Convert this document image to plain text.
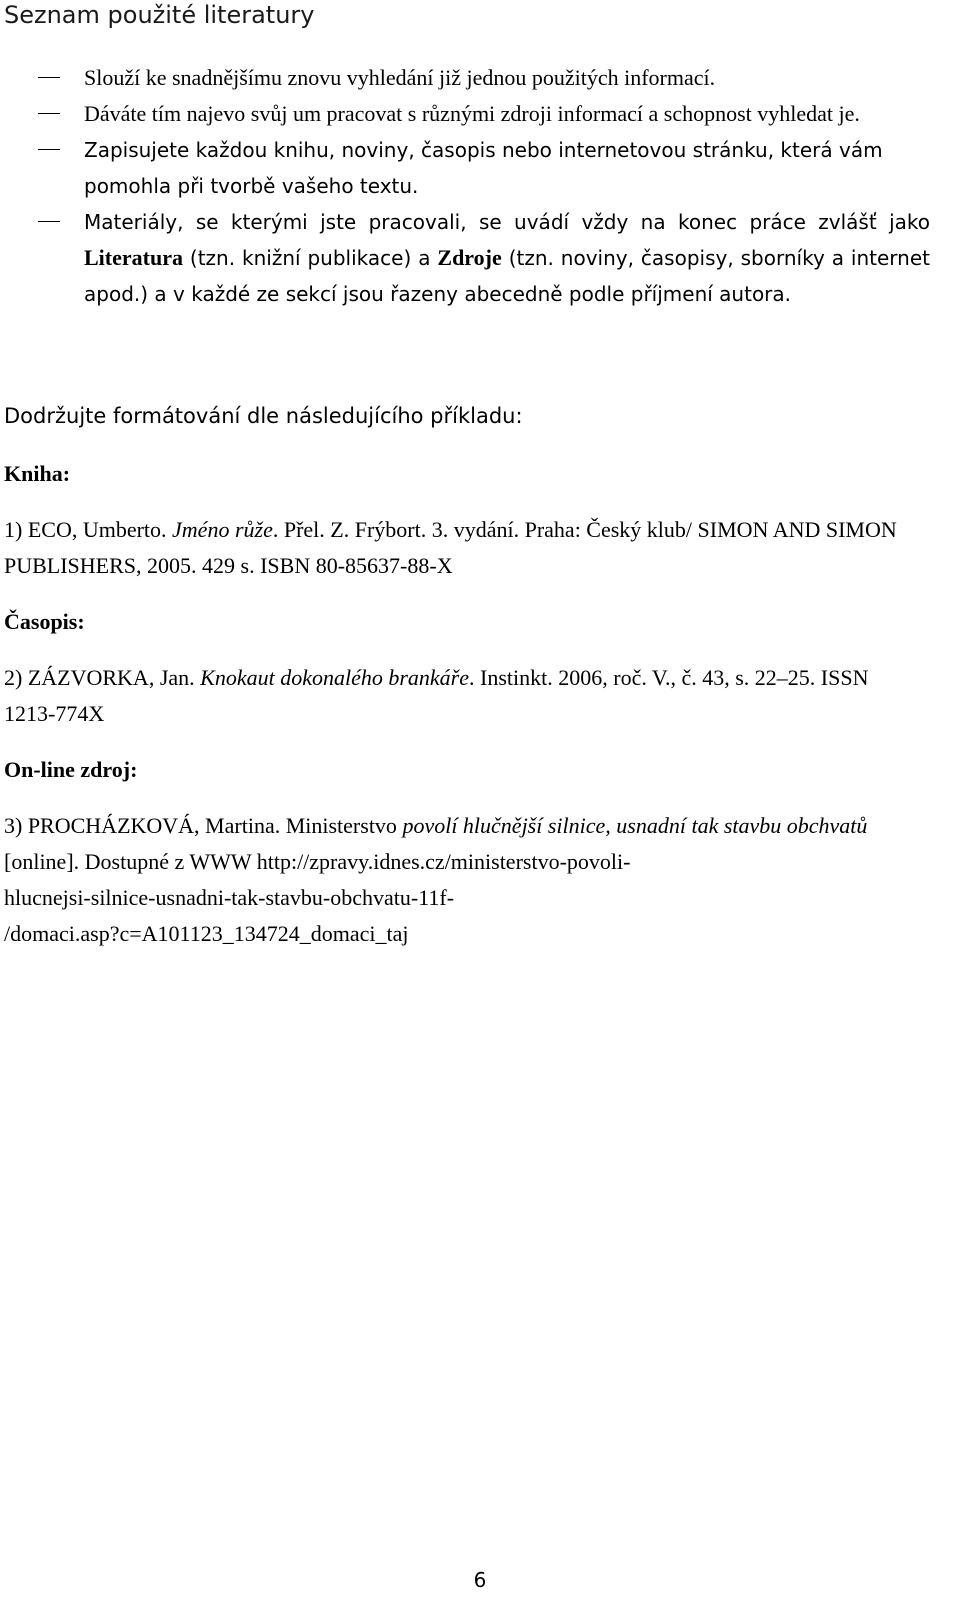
Seznam použité literatury
Slouží ke snadnějšímu znovu vyhledání již jednou použitých informací.
Dáváte tím najevo svůj um pracovat s různými zdroji informací a schopnost vyhledat je.
Zapisujete každou knihu, noviny, časopis nebo internetovou stránku, která vám pomohla při tvorbě vašeho textu.
Materiály, se kterými jste pracovali, se uvádí vždy na konec práce zvlášť jako Literatura (tzn. knižní publikace) a Zdroje (tzn. noviny, časopisy, sborníky a internet apod.) a v každé ze sekcí jsou řazeny abecedně podle příjmení autora.

Dodržujte formátování dle následujícího příkladu:

Kniha:

1) ECO, Umberto. Jméno růže. Přel. Z. Frýbort. 3. vydání. Praha: Český klub/ SIMON AND SIMON PUBLISHERS, 2005. 429 s. ISBN 80-85637-88-X

Časopis:

2) ZÁZVORKA, Jan. Knokaut dokonalého brankáře. Instinkt. 2006, roč. V., č. 43, s. 22–25. ISSN 1213-774X

On-line zdroj:

3) PROCHÁZKOVÁ, Martina. Ministerstvo povolí hlučnější silnice, usnadní tak stavbu obchvatů [online]. Dostupné z WWW http://zpravy.idnes.cz/ministerstvo-povoli-
hlucnejsi-silnice-usnadni-tak-stavbu-obchvatu-11f-
/domaci.asp?c=A101123_134724_domaci_taj

6
